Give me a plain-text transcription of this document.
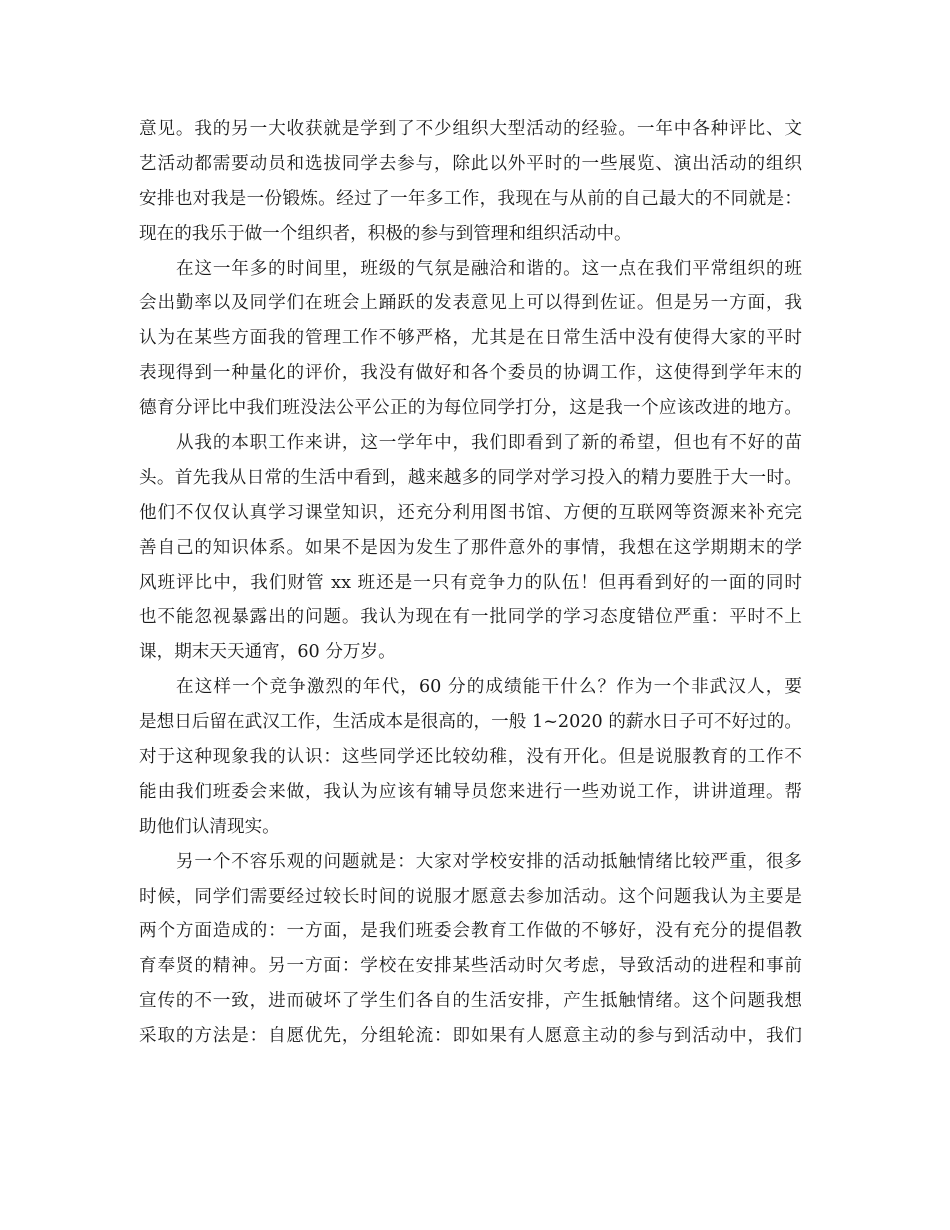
意见。我的另一大收获就是学到了不少组织大型活动的经验。一年中各种评比、文
艺活动都需要动员和选拔同学去参与，除此以外平时的一些展览、演出活动的组织
安排也对我是一份锻炼。经过了一年多工作，我现在与从前的自己最大的不同就是：
现在的我乐于做一个组织者，积极的参与到管理和组织活动中。
在这一年多的时间里，班级的气氛是融洽和谐的。这一点在我们平常组织的班
会出勤率以及同学们在班会上踊跃的发表意见上可以得到佐证。但是另一方面，我
认为在某些方面我的管理工作不够严格，尤其是在日常生活中没有使得大家的平时
表现得到一种量化的评价，我没有做好和各个委员的协调工作，这使得到学年末的
德育分评比中我们班没法公平公正的为每位同学打分，这是我一个应该改进的地方。
从我的本职工作来讲，这一学年中，我们即看到了新的希望，但也有不好的苗
头。首先我从日常的生活中看到，越来越多的同学对学习投入的精力要胜于大一时。
他们不仅仅认真学习课堂知识，还充分利用图书馆、方便的互联网等资源来补充完
善自己的知识体系。如果不是因为发生了那件意外的事情，我想在这学期期末的学
风班评比中，我们财管 xx 班还是一只有竞争力的队伍！但再看到好的一面的同时
也不能忽视暴露出的问题。我认为现在有一批同学的学习态度错位严重：平时不上
课，期末天天通宵，60 分万岁。
在这样一个竞争激烈的年代，60 分的成绩能干什么？作为一个非武汉人，要
是想日后留在武汉工作，生活成本是很高的，一般 1~2020 的薪水日子可不好过的。
对于这种现象我的认识：这些同学还比较幼稚，没有开化。但是说服教育的工作不
能由我们班委会来做，我认为应该有辅导员您来进行一些劝说工作，讲讲道理。帮
助他们认清现实。
另一个不容乐观的问题就是：大家对学校安排的活动抵触情绪比较严重，很多
时候，同学们需要经过较长时间的说服才愿意去参加活动。这个问题我认为主要是
两个方面造成的：一方面，是我们班委会教育工作做的不够好，没有充分的提倡教
育奉贤的精神。另一方面：学校在安排某些活动时欠考虑，导致活动的进程和事前
宣传的不一致，进而破坏了学生们各自的生活安排，产生抵触情绪。这个问题我想
采取的方法是：自愿优先，分组轮流：即如果有人愿意主动的参与到活动中，我们
